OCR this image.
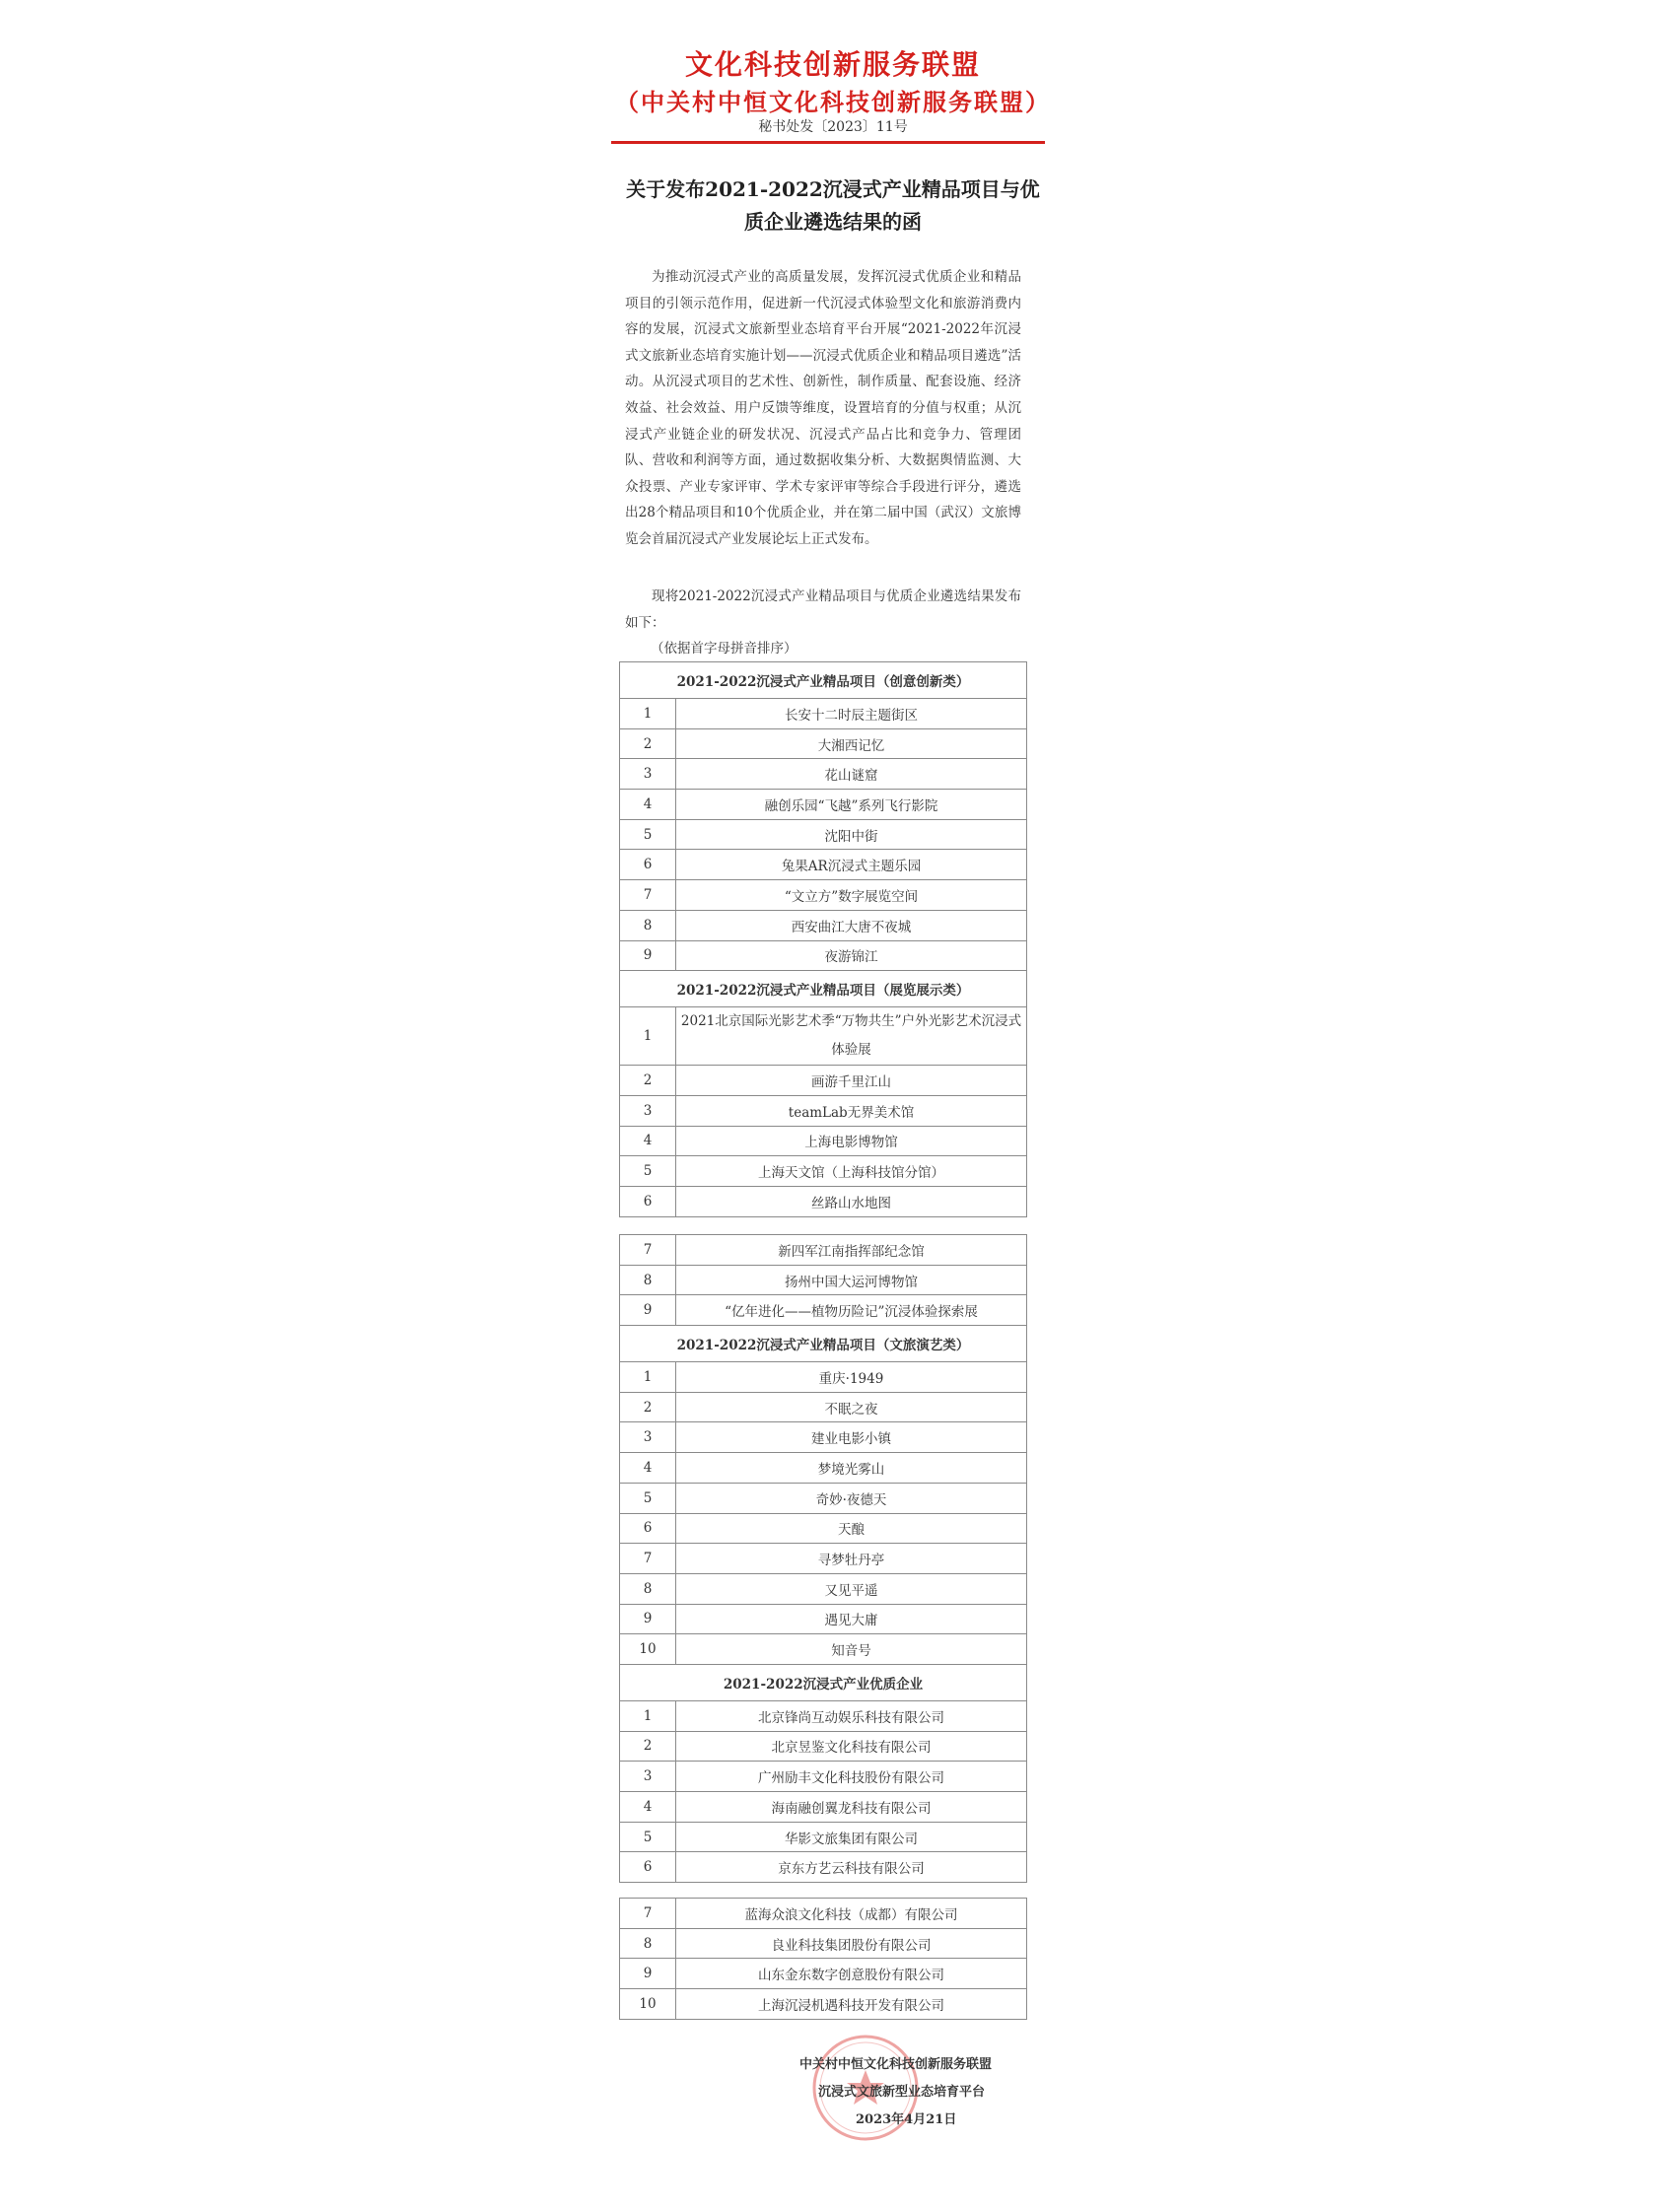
文化科技创新服务联盟
（中关村中恒文化科技创新服务联盟）
秘书处发〔2023〕11号
关于发布2021-2022沉浸式产业精品项目与优质企业遴选结果的函

为推动沉浸式产业的高质量发展，发挥沉浸式优质企业和精品项目的引领示范作用，促进新一代沉浸式体验型文化和旅游消费内容的发展，沉浸式文旅新型业态培育平台开展“2021-2022年沉浸式文旅新业态培育实施计划——沉浸式优质企业和精品项目遴选”活动。从沉浸式项目的艺术性、创新性，制作质量、配套设施、经济效益、社会效益、用户反馈等维度，设置培育的分值与权重；从沉浸式产业链企业的研发状况、沉浸式产品占比和竞争力、管理团队、营收和利润等方面，通过数据收集分析、大数据舆情监测、大众投票、产业专家评审、学术专家评审等综合手段进行评分，遴选出28个精品项目和10个优质企业，并在第二届中国（武汉）文旅博览会首届沉浸式产业发展论坛上正式发布。

现将2021-2022沉浸式产业精品项目与优质企业遴选结果发布如下：

（依据首字母拼音排序）
2021-2022沉浸式产业精品项目（创意创新类）	
1	长安十二时辰主题街区
2	大湘西记忆
3	花山谜窟
4	融创乐园“飞越”系列飞行影院
5	沈阳中街
6	兔果AR沉浸式主题乐园
7	“文立方”数字展览空间
8	西安曲江大唐不夜城
9	夜游锦江
2021-2022沉浸式产业精品项目（展览展示类）	
1	2021北京国际光影艺术季“万物共生”户外光影艺术沉浸式体验展
2	画游千里江山
3	teamLab无界美术馆
4	上海电影博物馆
5	上海天文馆（上海科技馆分馆）
6	丝路山水地图
7	新四军江南指挥部纪念馆
8	扬州中国大运河博物馆
9	“亿年进化——植物历险记”沉浸体验探索展
2021-2022沉浸式产业精品项目（文旅演艺类）	
1	重庆·1949
2	不眠之夜
3	建业电影小镇
4	梦境光雾山
5	奇妙·夜德天
6	天酿
7	寻梦牡丹亭
8	又见平遥
9	遇见大庸
10	知音号
2021-2022沉浸式产业优质企业	
1	北京锋尚互动娱乐科技有限公司
2	北京昱鉴文化科技有限公司
3	广州励丰文化科技股份有限公司
4	海南融创翼龙科技有限公司
5	华影文旅集团有限公司
6	京东方艺云科技有限公司
7	蓝海众浪文化科技（成都）有限公司
8	良业科技集团股份有限公司
9	山东金东数字创意股份有限公司
10	上海沉浸机遇科技开发有限公司
中关村中恒文化科技创新服务联盟
沉浸式文旅新型业态培育平台
2023年4月21日
